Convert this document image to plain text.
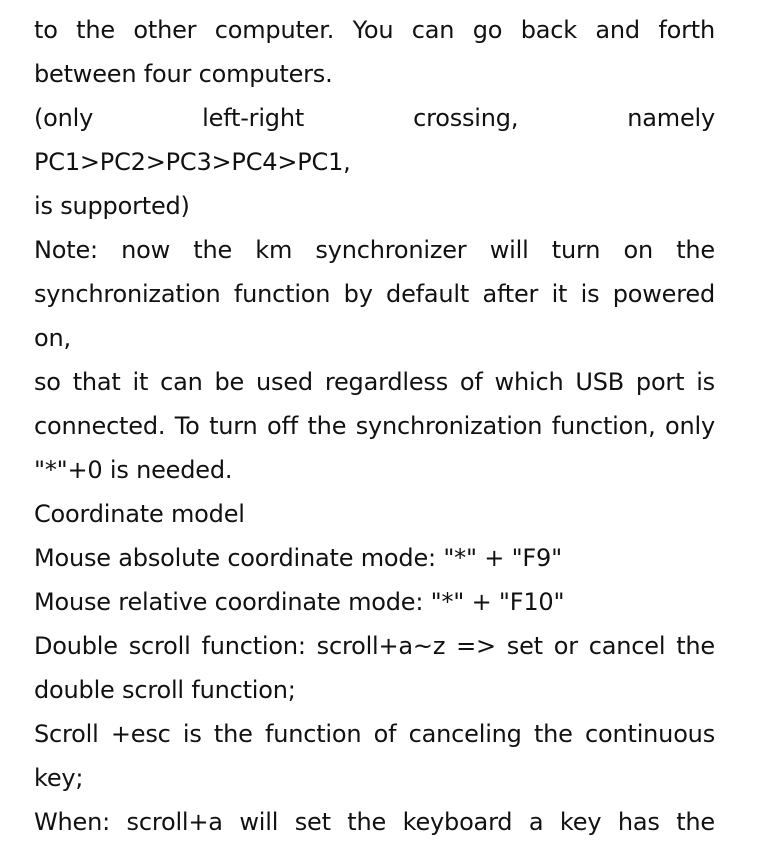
to the other computer. You can go back and forth

between four computers.

(only left-right crossing, namely PC1>PC2>PC3>PC4>PC1,

is supported)

Note: now the km synchronizer will turn on the

synchronization function by default after it is powered on,

so that it can be used regardless of which USB port is

connected. To turn off the synchronization function, only

"*"+0 is needed.

Coordinate model

Mouse absolute coordinate mode: "*" + "F9"

Mouse relative coordinate mode: "*" + "F10"

Double scroll function: scroll+a~z => set or cancel the

double scroll function;

Scroll +esc is the function of canceling the continuous

key;

When: scroll+a will set the keyboard a key has the
